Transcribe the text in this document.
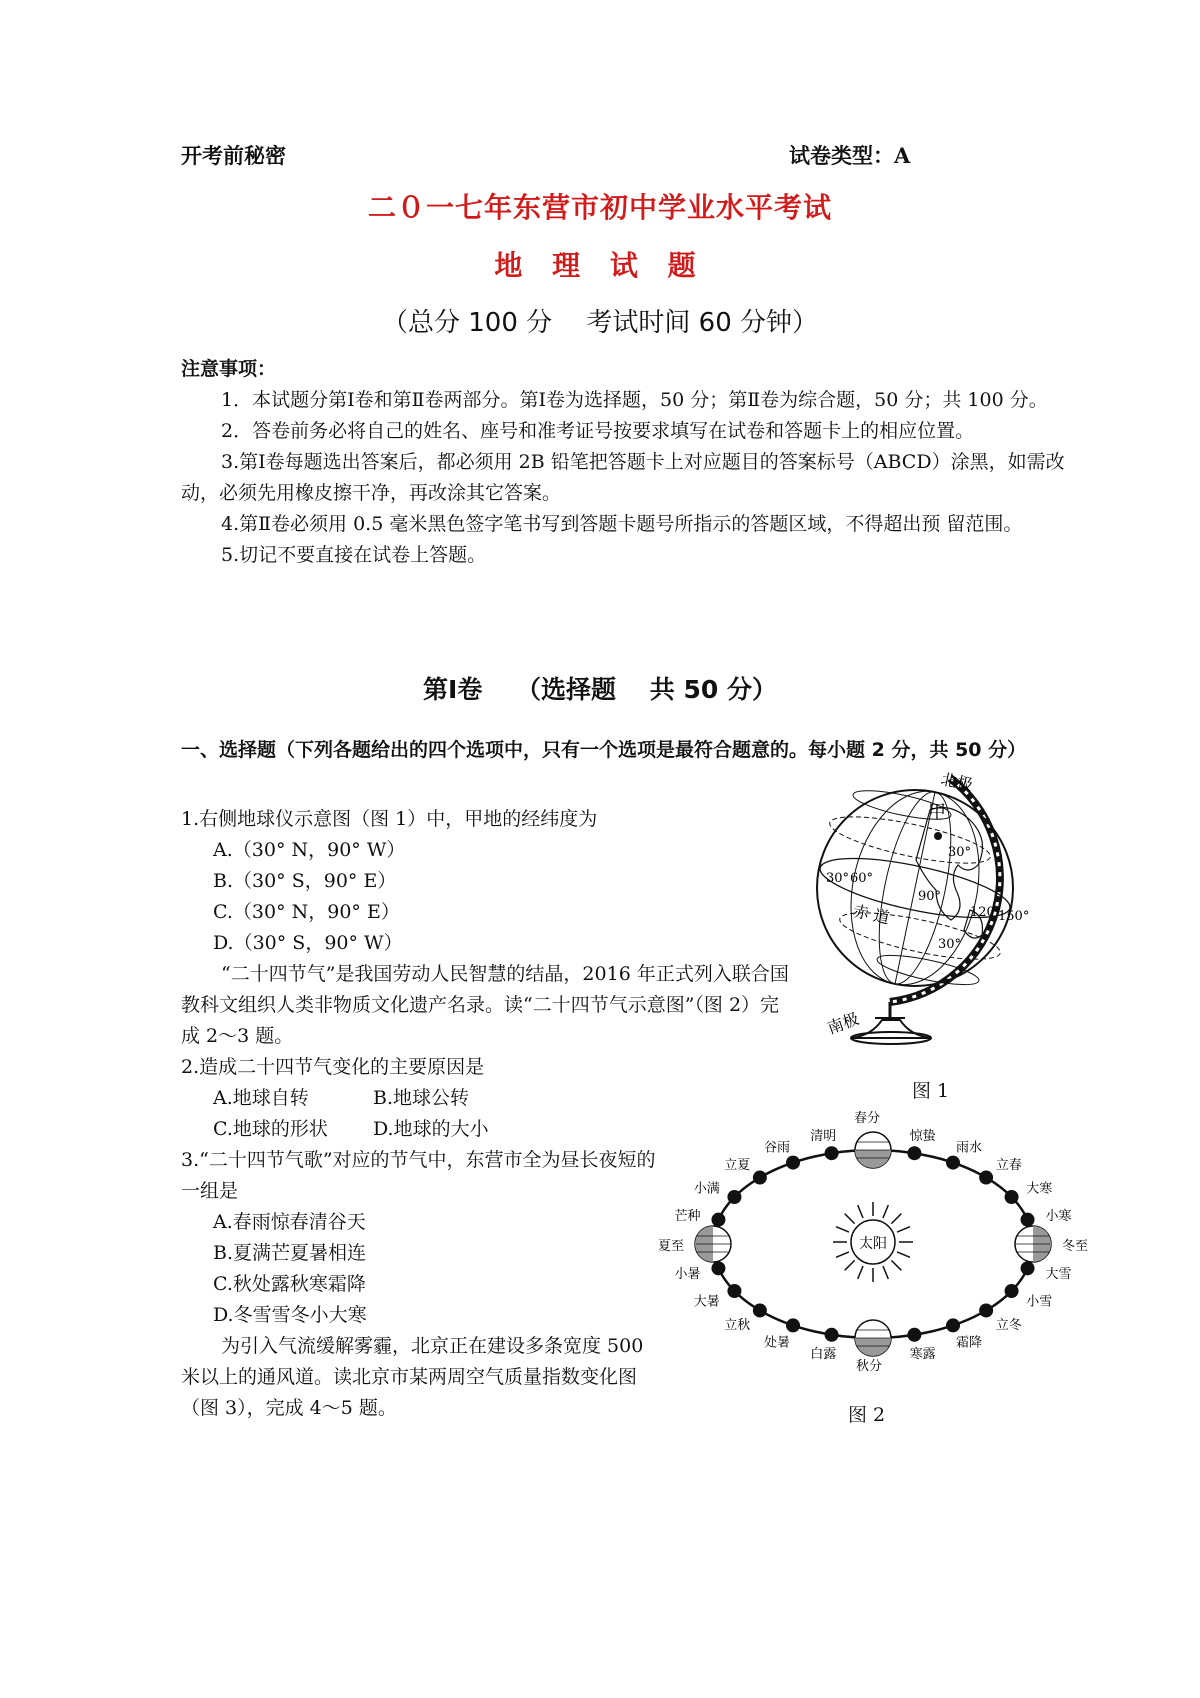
开考前秘密	试卷类型：A
二０一七年东营市初中学业水平考试
地 理 试 题
（总分 100 分　 考试时间 60 分钟）
注意事项：

1．本试题分第Ⅰ卷和第Ⅱ卷两部分。第Ⅰ卷为选择题，50 分；第Ⅱ卷为综合题，50 分；共 100 分。

2．答卷前务必将自己的姓名、座号和准考证号按要求填写在试卷和答题卡上的相应位置。

3.第Ⅰ卷每题选出答案后，都必须用 2B 铅笔把答题卡上对应题目的答案标号（ABCD）涂黑，如需改动，必须先用橡皮擦干净，再改涂其它答案。

4.第Ⅱ卷必须用 0.5 毫米黑色签字笔书写到答题卡题号所指示的答题区域，不得超出预 留范围。

5.切记不要直接在试卷上答题。

第Ⅰ卷　 （选择题　 共 50 分）
一、选择题（下列各题给出的四个选项中，只有一个选项是最符合题意的。每小题 2 分，共 50 分）
1.右侧地球仪示意图（图 1）中，甲地的经纬度为
A.（30° N，90° W）
B.（30° S，90° E）
C.（30° N，90° E）
D.（30° S，90° W）
“二十四节气”是我国劳动人民智慧的结晶，2016 年正式列入联合国教科文组织人类非物质文化遗产名录。读“二十四节气示意图”（图 2）完成 2～3 题。
2.造成二十四节气变化的主要原因是
A.地球自转	B.地球公转
C.地球的形状 D.地球的大小
3.“二十四节气歌”对应的节气中，东营市全为昼长夜短的一组是
A.春雨惊春清谷天
B.夏满芒夏暑相连
C.秋处露秋寒霜降
D.冬雪雪冬小大寒
为引入气流缓解雾霾，北京正在建设多条宽度 500 米以上的通风道。读北京市某两周空气质量指数变化图（图 3），完成 4～5 题。
北极
南极
甲
赤 道
30°
30°
30° 60°
90°
120°
150°
图 1
太阳
春分
惊蛰
雨水
立春
大寒
小寒
冬至
大雪
小雪
立冬
霜降
寒露
秋分
白露
处暑
立秋
大暑
小暑
夏至
芒种
小满
立夏
谷雨
清明
图 2
